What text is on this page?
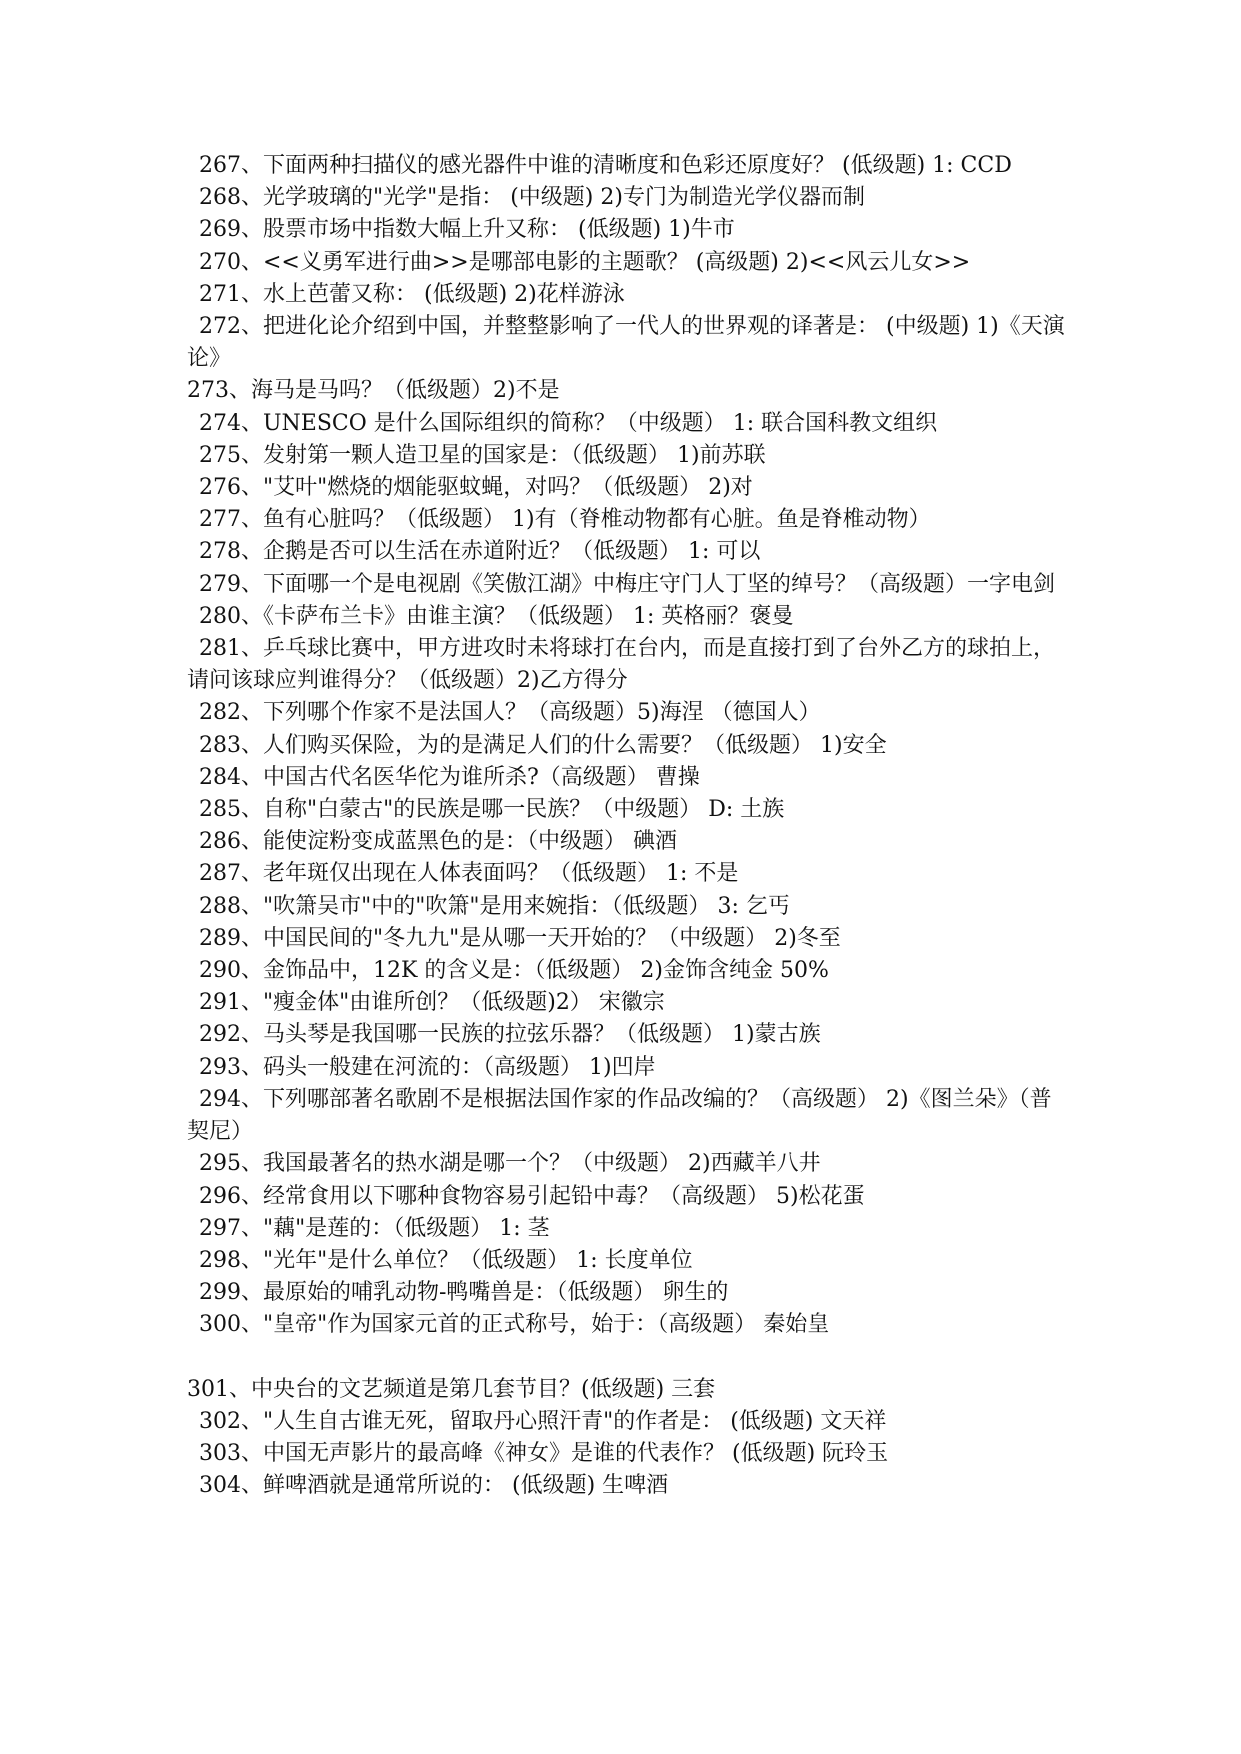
267、下面两种扫描仪的感光器件中谁的清晰度和色彩还原度好？ (低级题) 1: CCD

268、光学玻璃的"光学"是指： (中级题) 2)专门为制造光学仪器而制

269、股票市场中指数大幅上升又称： (低级题) 1)牛市

270、<<义勇军进行曲>>是哪部电影的主题歌？ (高级题) 2)<<风云儿女>>

271、水上芭蕾又称： (低级题) 2)花样游泳

272、把进化论介绍到中国，并整整影响了一代人的世界观的译著是： (中级题) 1)《天演论》

273、海马是马吗？（低级题）2)不是

274、UNESCO 是什么国际组织的简称？（中级题） 1: 联合国科教文组织

275、发射第一颗人造卫星的国家是：（低级题） 1)前苏联

276、"艾叶"燃烧的烟能驱蚊蝇，对吗？（低级题） 2)对

277、鱼有心脏吗？（低级题） 1)有（脊椎动物都有心脏。鱼是脊椎动物）

278、企鹅是否可以生活在赤道附近？（低级题） 1: 可以

279、下面哪一个是电视剧《笑傲江湖》中梅庄守门人丁坚的绰号？（高级题）一字电剑

280、《卡萨布兰卡》由谁主演？（低级题） 1: 英格丽？褒曼

281、乒乓球比赛中，甲方进攻时未将球打在台内，而是直接打到了台外乙方的球拍上，请问该球应判谁得分？（低级题）2)乙方得分

282、下列哪个作家不是法国人？（高级题）5)海涅 （德国人）

283、人们购买保险，为的是满足人们的什么需要？（低级题） 1)安全

284、中国古代名医华佗为谁所杀?（高级题） 曹操

285、自称"白蒙古"的民族是哪一民族？（中级题） D: 土族

286、能使淀粉变成蓝黑色的是：（中级题） 碘酒

287、老年斑仅出现在人体表面吗？（低级题） 1: 不是

288、"吹箫吴市"中的"吹箫"是用来婉指：（低级题） 3: 乞丐

289、中国民间的"冬九九"是从哪一天开始的？（中级题） 2)冬至

290、金饰品中，12K 的含义是：（低级题） 2)金饰含纯金 50%

291、"瘦金体"由谁所创？（低级题)2） 宋徽宗

292、马头琴是我国哪一民族的拉弦乐器？（低级题） 1)蒙古族

293、码头一般建在河流的：（高级题） 1)凹岸

294、下列哪部著名歌剧不是根据法国作家的作品改编的？（高级题） 2)《图兰朵》（普契尼）

295、我国最著名的热水湖是哪一个？（中级题） 2)西藏羊八井

296、经常食用以下哪种食物容易引起铅中毒？（高级题） 5)松花蛋

297、"藕"是莲的：（低级题） 1: 茎

298、"光年"是什么单位？（低级题） 1: 长度单位

299、最原始的哺乳动物-鸭嘴兽是：（低级题） 卵生的

300、"皇帝"作为国家元首的正式称号，始于：（高级题） 秦始皇

301、中央台的文艺频道是第几套节目？(低级题) 三套

302、"人生自古谁无死，留取丹心照汗青"的作者是： (低级题) 文天祥

303、中国无声影片的最高峰《神女》是谁的代表作？ (低级题) 阮玲玉

304、鲜啤酒就是通常所说的： (低级题) 生啤酒
